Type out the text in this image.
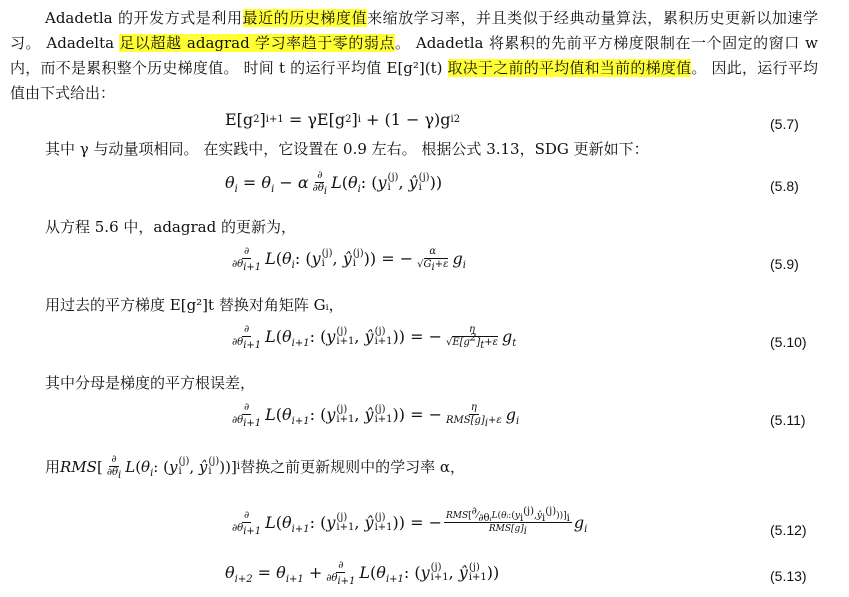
Adadetla 的开发方式是利用最近的历史梯度值来缩放学习率，并且类似于经典动量算法，累积历史更新以加速学习。 Adadelta 足以超越 adagrad 学习率趋于零的弱点。 Adadetla 将累积的先前平方梯度限制在一个固定的窗口 w 内，而不是累积整个历史梯度值。 时间 t 的运行平均值 E[g²](t) 取决于之前的平均值和当前的梯度值。 因此，运行平均值由下式给出：
E[g 2 ] i+1 = γE[g 2 ] i + (1 − γ)g i 2	(5.7)
其中 γ 与动量项相同。 在实践中，它设置在 0.9 左右。 根据公式 3.13，SDG 更新如下：
$\theta_i = \theta_i - \alpha \frac{\partial}{\partial\theta_i}$ L ( $\theta_i$ : ( y (j)
i , ŷ (j)
i ))	(5.8)
从方程 5.6 中，adagrad 的更新为，
$\frac{\partial}{\partial\theta_{i+1}}$ L ( $\theta_i$ : ( y (j)
i , ŷ (j)
i )) = − $\frac{\alpha}{√G_i+\varepsilon} g_i$	(5.9)
用过去的平方梯度 E[g²]t 替换对角矩阵 Gᵢ，
$\frac{\partial}{\partial\theta_{i+1}}$ L ( $\theta_{i+1}$ : ( y (j)
i+1 , ŷ (j)
i+1 )) = − $\frac{\eta}{√E[g^2]_t+\varepsilon} g_t$	(5.10)
其中分母是梯度的平方根误差，
$\frac{\partial}{\partial\theta_{i+1}}$ L ( $\theta_{i+1}$ : ( y (j)
i+1 , ŷ (j)
i+1 )) = − $\frac{\eta}{RMS[g]_i+\varepsilon} g_i$	(5.11)
用 RMS [ $\frac{\partial}{\partial\theta_i}$ L ( $\theta_i$ : ( y (j)
i , ŷ (j)
i ))] i 替换之前更新规则中的学习率 α，
$\frac{\partial}{\partial\theta_{i+1}}$ L ( $\theta_{i+1}$ : ( y (j)
i+1 , ŷ (j)
i+1 )) = − $\frac{RMS[^\partial⁄_{\partial\theta ᵢ}L(\theta ᵢ:(y_i^{(j)},ŷ_i^{(j)}))]_i}{RMS[g]_i} g_i$	(5.12)
$\theta_{i+2} = \theta_{i+1} + \frac{\partial}{\partial\theta_{i+1}}$ L ( $\theta_{i+1}$ : ( y (j)
i+1 , ŷ (j)
i+1 ))	(5.13)
